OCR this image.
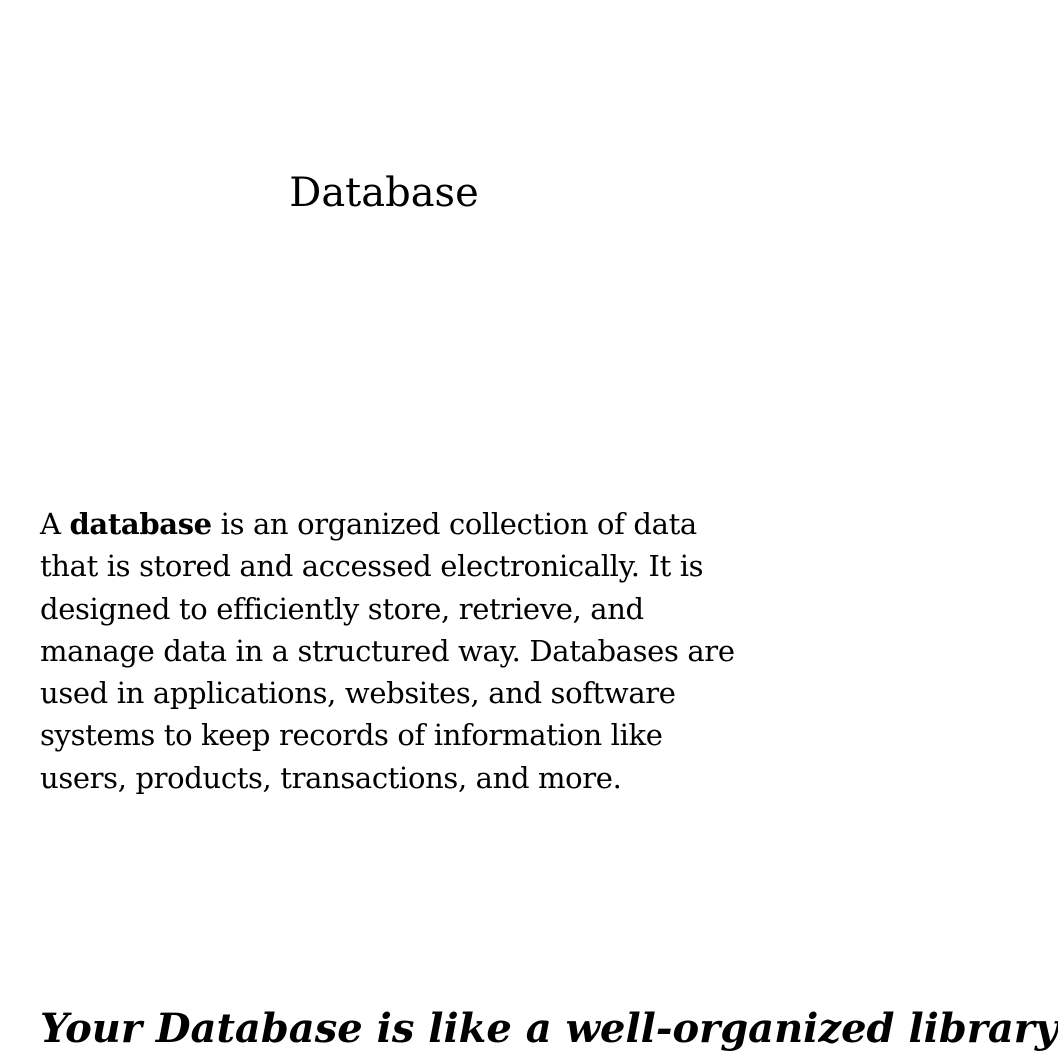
Database

A database is an organized collection of data that is stored and accessed electronically. It is designed to efficiently store, retrieve, and manage data in a structured way. Databases are used in applications, websites, and software systems to keep records of information like users, products, transactions, and more.

Your Database is like a well-organized library
